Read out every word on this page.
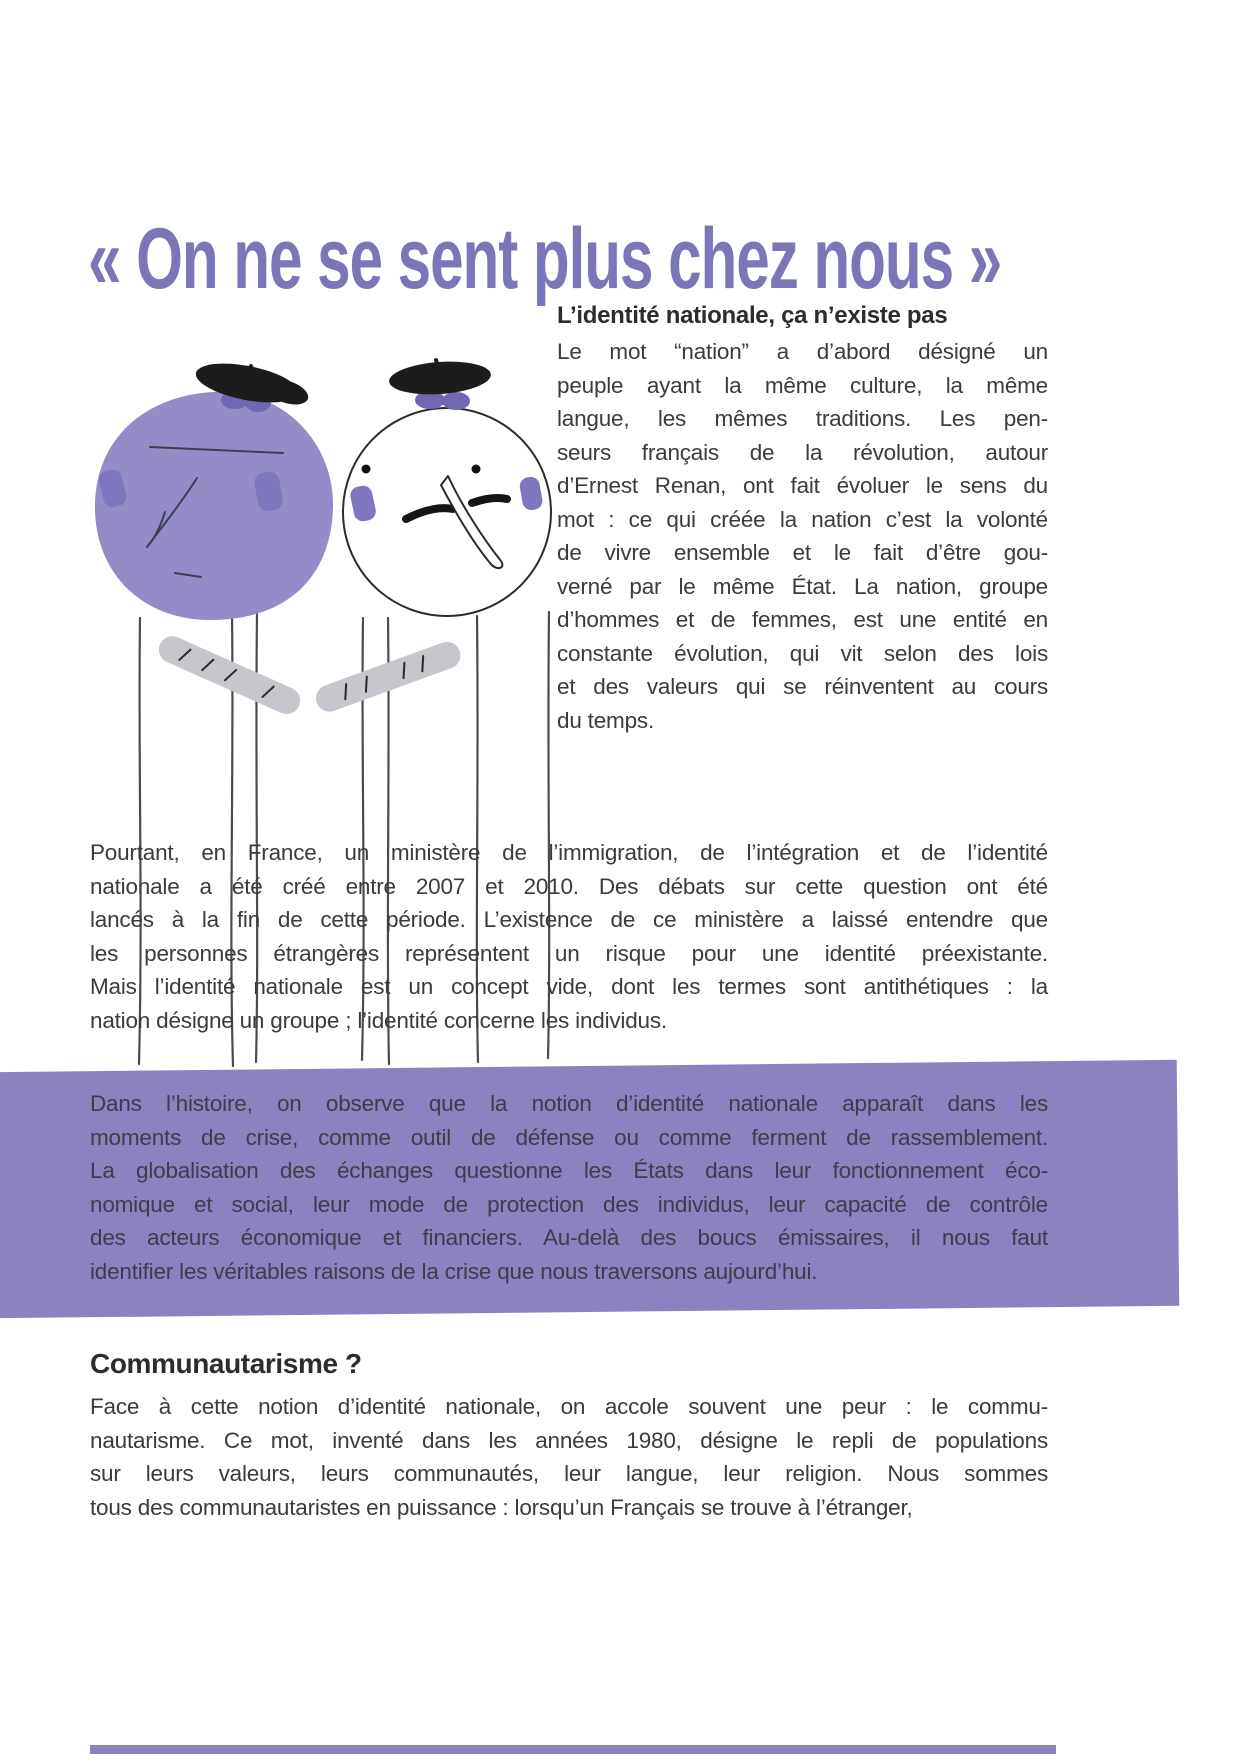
« On ne se sent plus chez nous »
L’identité nationale, ça n’existe pas
Le mot “nation” a d’abord désigné un
peuple ayant la même culture, la même
langue, les mêmes traditions. Les pen-
seurs français de la révolution, autour
d’Ernest Renan, ont fait évoluer le sens du
mot : ce qui créée la nation c’est la volonté
de vivre ensemble et le fait d’être gou-
verné par le même État. La nation, groupe
d’hommes et de femmes, est une entité en
constante évolution, qui vit selon des lois
et des valeurs qui se réinventent au cours
du temps.
Pourtant, en France, un ministère de l’immigration, de l’intégration et de l’identité
nationale a été créé entre 2007 et 2010. Des débats sur cette question ont été
lancés à la fin de cette période. L’existence de ce ministère a laissé entendre que
les personnes étrangères représentent un risque pour une identité préexistante.
Mais l’identité nationale est un concept vide, dont les termes sont antithétiques : la
nation désigne un groupe ; l’identité concerne les individus.
Dans l’histoire, on observe que la notion d’identité nationale apparaît dans les
moments de crise, comme outil de défense ou comme ferment de rassemblement.
La globalisation des échanges questionne les États dans leur fonctionnement éco-
nomique et social, leur mode de protection des individus, leur capacité de contrôle
des acteurs économique et financiers. Au-delà des boucs émissaires, il nous faut
identifier les véritables raisons de la crise que nous traversons aujourd’hui.
Communautarisme ?
Face à cette notion d’identité nationale, on accole souvent une peur : le commu-
nautarisme. Ce mot, inventé dans les années 1980, désigne le repli de populations
sur leurs valeurs, leurs communautés, leur langue, leur religion. Nous sommes
tous des communautaristes en puissance : lorsqu’un Français se trouve à l’étranger,
